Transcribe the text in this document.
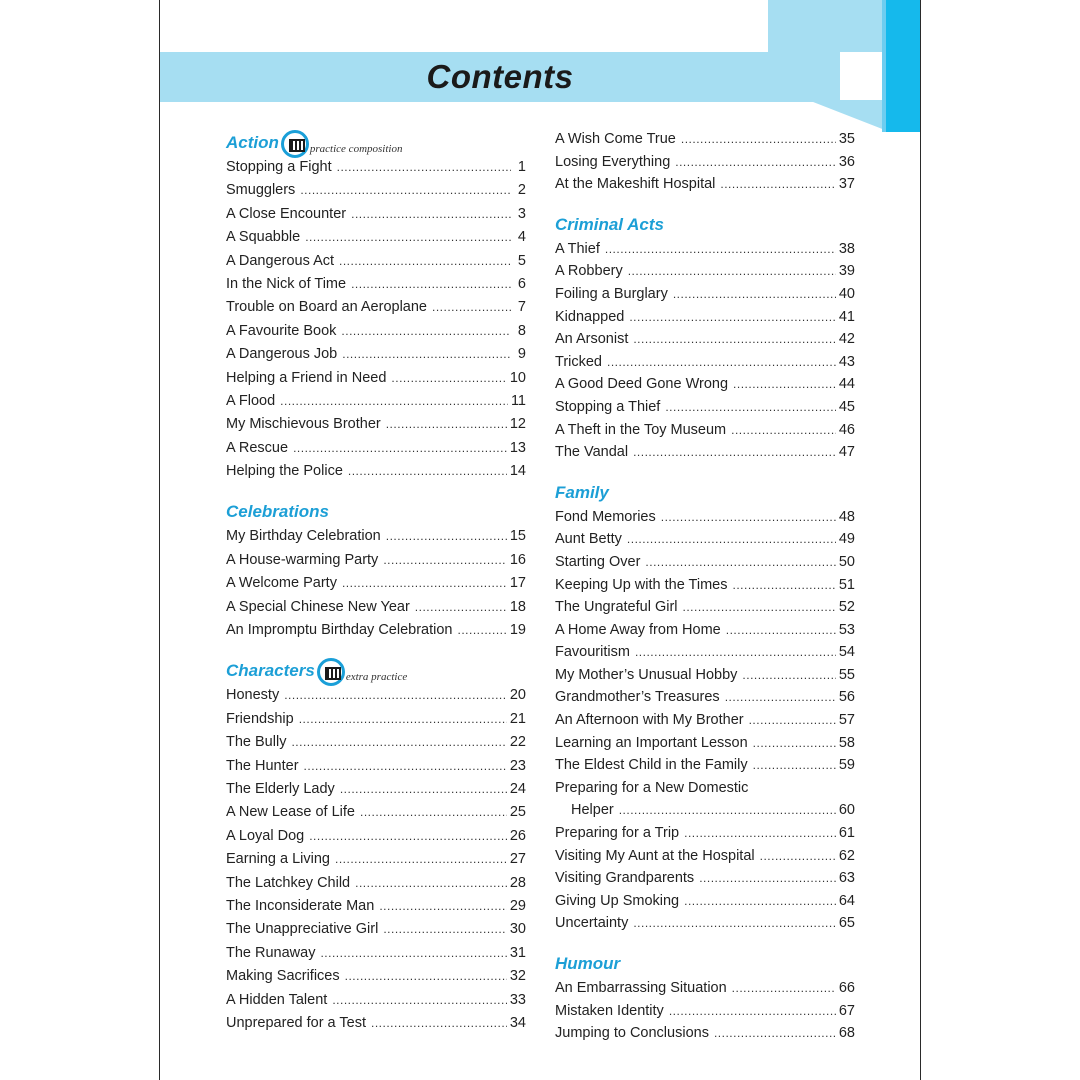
Contents
Action	practice composition
Stopping a Fight .....	1
Smugglers .....	2
A Close Encounter .....	3
A Squabble .....	4
A Dangerous Act .....	5
In the Nick of Time .....	6
Trouble on Board an Aeroplane .....	7
A Favourite Book .....	8
A Dangerous Job .....	9
Helping a Friend in Need .....	10
A Flood .....	11
My Mischievous Brother .....	12
A Rescue .....	13
Helping the Police .....	14
Celebrations
My Birthday Celebration .....	15
A House-warming Party .....	16
A Welcome Party .....	17
A Special Chinese New Year .....	18
An Impromptu Birthday Celebration .....	19
Characters	extra practice
Honesty .....	20
Friendship .....	21
The Bully .....	22
The Hunter .....	23
The Elderly Lady .....	24
A New Lease of Life .....	25
A Loyal Dog .....	26
Earning a Living .....	27
The Latchkey Child .....	28
The Inconsiderate Man .....	29
The Unappreciative Girl .....	30
The Runaway .....	31
Making Sacrifices .....	32
A Hidden Talent .....	33
Unprepared for a Test .....	34
A Wish Come True .....	35
Losing Everything .....	36
At the Makeshift Hospital .....	37
Criminal Acts
A Thief .....	38
A Robbery .....	39
Foiling a Burglary .....	40
Kidnapped .....	41
An Arsonist .....	42
Tricked .....	43
A Good Deed Gone Wrong .....	44
Stopping a Thief .....	45
A Theft in the Toy Museum .....	46
The Vandal .....	47
Family
Fond Memories .....	48
Aunt Betty .....	49
Starting Over .....	50
Keeping Up with the Times .....	51
The Ungrateful Girl .....	52
A Home Away from Home .....	53
Favouritism .....	54
My Mother’s Unusual Hobby .....	55
Grandmother’s Treasures .....	56
An Afternoon with My Brother .....	57
Learning an Important Lesson .....	58
The Eldest Child in the Family .....	59
Preparing for a New Domestic
Helper .....	60
Preparing for a Trip .....	61
Visiting My Aunt at the Hospital .....	62
Visiting Grandparents .....	63
Giving Up Smoking .....	64
Uncertainty .....	65
Humour
An Embarrassing Situation .....	66
Mistaken Identity .....	67
Jumping to Conclusions .....	68
